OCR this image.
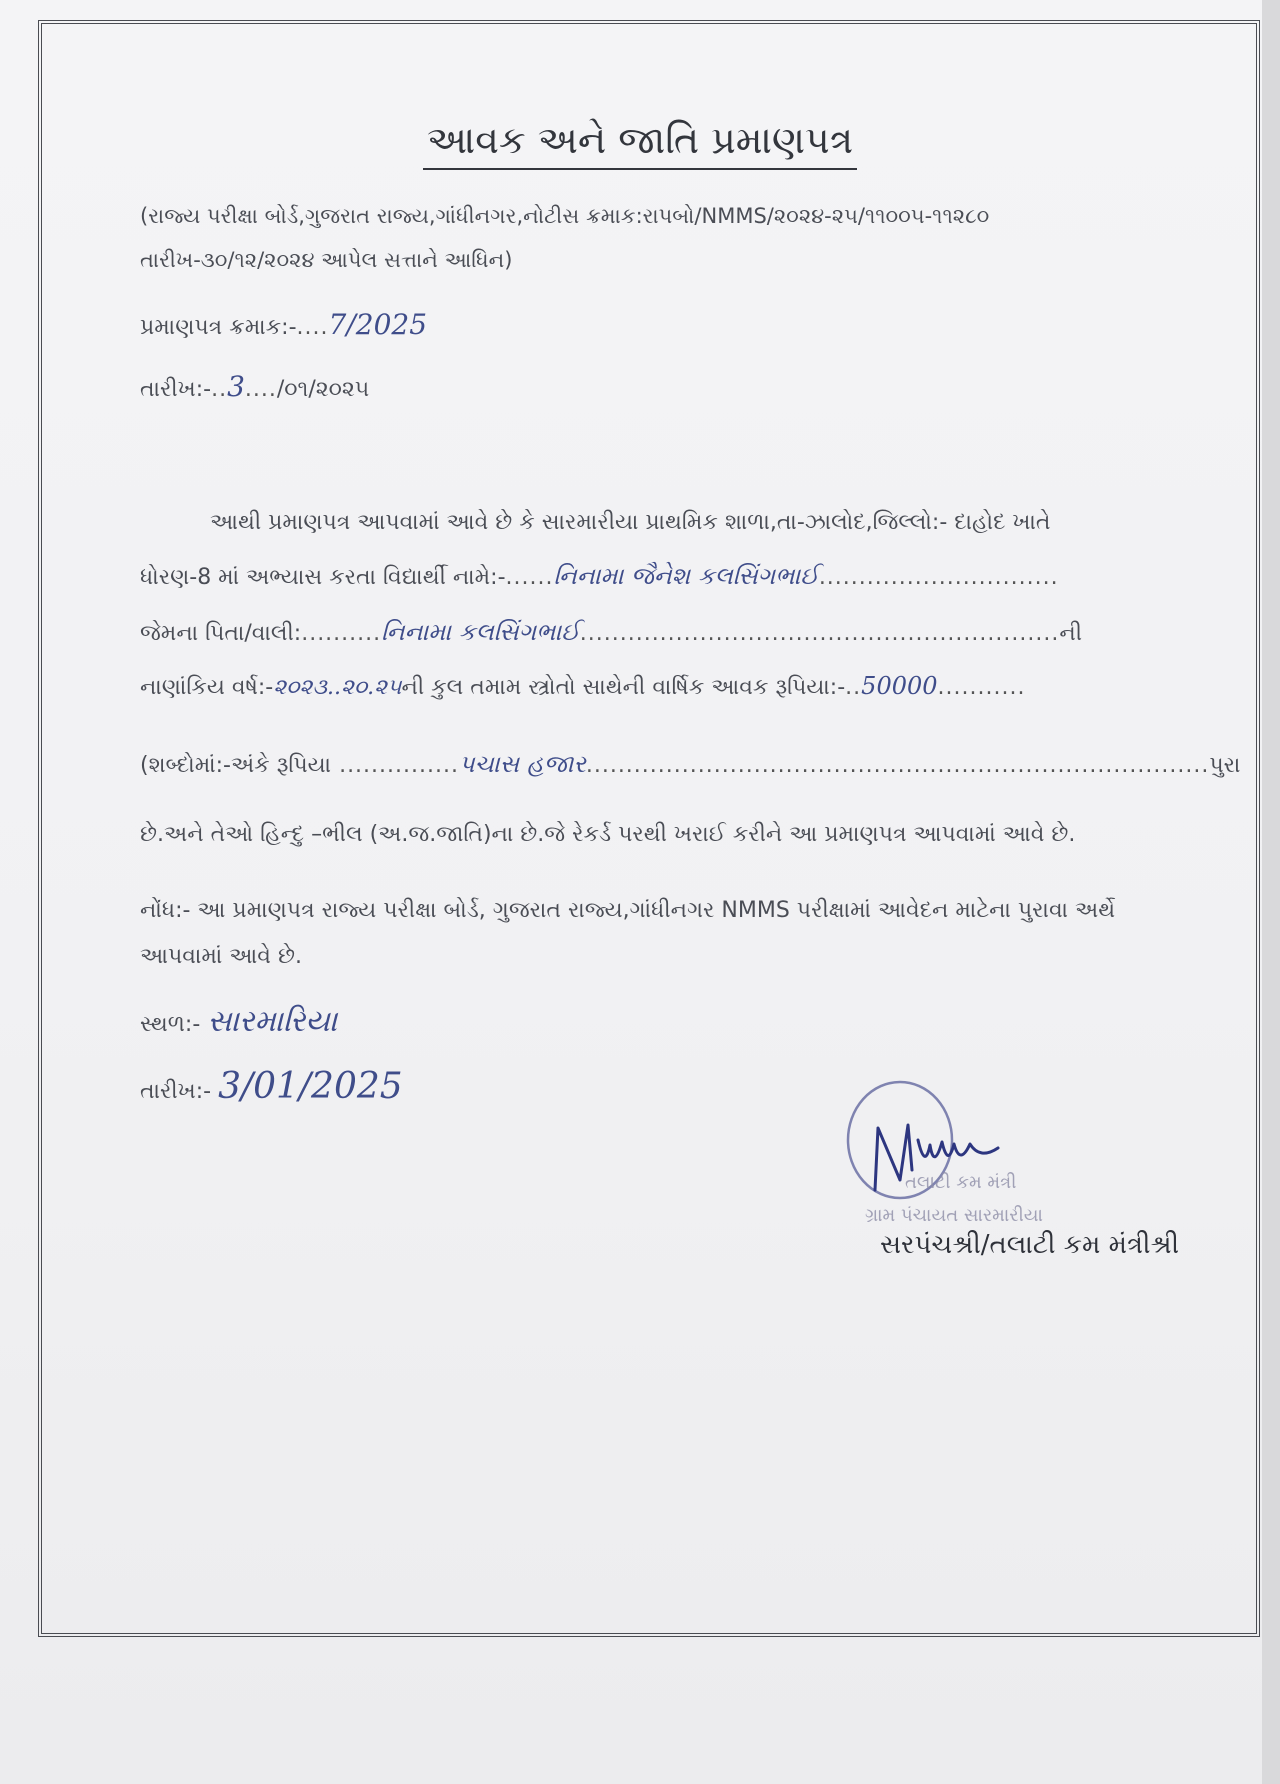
આવક અને જાતિ પ્રમાણપત્ર
(રાજ્ય પરીક્ષા બોર્ડ,ગુજરાત રાજ્ય,ગાંધીનગર,નોટીસ ક્રમાક:રાપબો/NMMS/૨૦૨૪-૨૫/૧૧૦૦૫-૧૧૨૮૦
તારીખ-૩૦/૧૨/૨૦૨૪ આપેલ સત્તાને આધિન)
પ્રમાણપત્ર ક્રમાક:-....7/2025
તારીખ:-..3..../૦૧/૨૦૨૫
આથી પ્રમાણપત્ર આપવામાં આવે છે કે સારમારીયા પ્રાથમિક શાળા,તા-ઝાલોદ,જિલ્લો:- દાહોદ ખાતે
ધોરણ-8 માં અભ્યાસ કરતા વિદ્યાર્થી નામે:-......નિનામા જૈનેશ કલસિંગભાઈ..............................
જેમના પિતા/વાલી:..........નિનામા કલસિંગભાઈ............................................................ની
નાણાંકિય વર્ષ:-૨૦૨૩..૨૦.૨૫ની કુલ તમામ સ્ત્રોતો સાથેની વાર્ષિક આવક રૂપિયા:-..50000...........
(શબ્દોમાં:-અંકે રૂપિયા ...............પચાસ હજાર..............................................................................પુરા
છે.અને તેઓ હિન્દુ –ભીલ (અ.જ.જાતિ)ના છે.જે રેકર્ડ પરથી ખરાઈ કરીને આ પ્રમાણપત્ર આપવામાં આવે છે.
નોંધ:- આ પ્રમાણપત્ર રાજ્ય પરીક્ષા બોર્ડ, ગુજરાત રાજ્ય,ગાંધીનગર NMMS પરીક્ષામાં આવેદન માટેના પુરાવા અર્થે
આપવામાં આવે છે.
સ્થળ:- સારમારિયા
તારીખ:- 3/01/2025
તલાટી કમ મંત્રી
ગ્રામ પંચાયત સારમારીયા
સરપંચશ્રી/તલાટી કમ મંત્રીશ્રી
